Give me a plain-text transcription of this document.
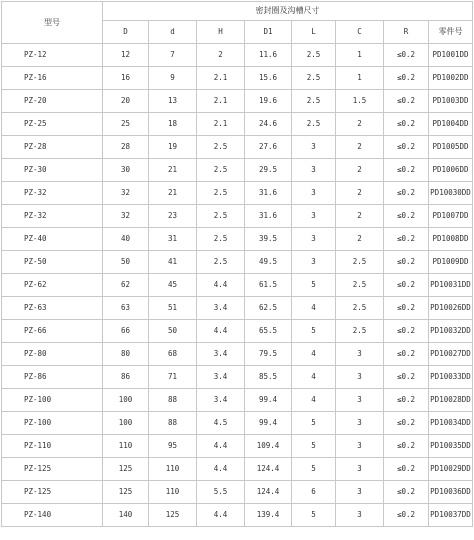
型号	密封圈及沟槽尺寸							
	D	d	H	D1	L	C	R	零件号
PZ-12	12	7	2	11.6	2.5	1	≤0.2	PD1001DD
PZ-16	16	9	2.1	15.6	2.5	1	≤0.2	PD1002DD
PZ-20	20	13	2.1	19.6	2.5	1.5	≤0.2	PD1003DD
PZ-25	25	18	2.1	24.6	2.5	2	≤0.2	PD1004DD
PZ-28	28	19	2.5	27.6	3	2	≤0.2	PD1005DD
PZ-30	30	21	2.5	29.5	3	2	≤0.2	PD1006DD
PZ-32	32	21	2.5	31.6	3	2	≤0.2	PD10030DD
PZ-32	32	23	2.5	31.6	3	2	≤0.2	PD1007DD
PZ-40	40	31	2.5	39.5	3	2	≤0.2	PD1008DD
PZ-50	50	41	2.5	49.5	3	2.5	≤0.2	PD1009DD
PZ-62	62	45	4.4	61.5	5	2.5	≤0.2	PD10031DD
PZ-63	63	51	3.4	62.5	4	2.5	≤0.2	PD10026DD
PZ-66	66	50	4.4	65.5	5	2.5	≤0.2	PD10032DD
PZ-80	80	68	3.4	79.5	4	3	≤0.2	PD10027DD
PZ-86	86	71	3.4	85.5	4	3	≤0.2	PD10033DD
PZ-100	100	88	3.4	99.4	4	3	≤0.2	PD10028DD
PZ-100	100	88	4.5	99.4	5	3	≤0.2	PD10034DD
PZ-110	110	95	4.4	109.4	5	3	≤0.2	PD10035DD
PZ-125	125	110	4.4	124.4	5	3	≤0.2	PD10029DD
PZ-125	125	110	5.5	124.4	6	3	≤0.2	PD10036DD
PZ-140	140	125	4.4	139.4	5	3	≤0.2	PD10037DD
